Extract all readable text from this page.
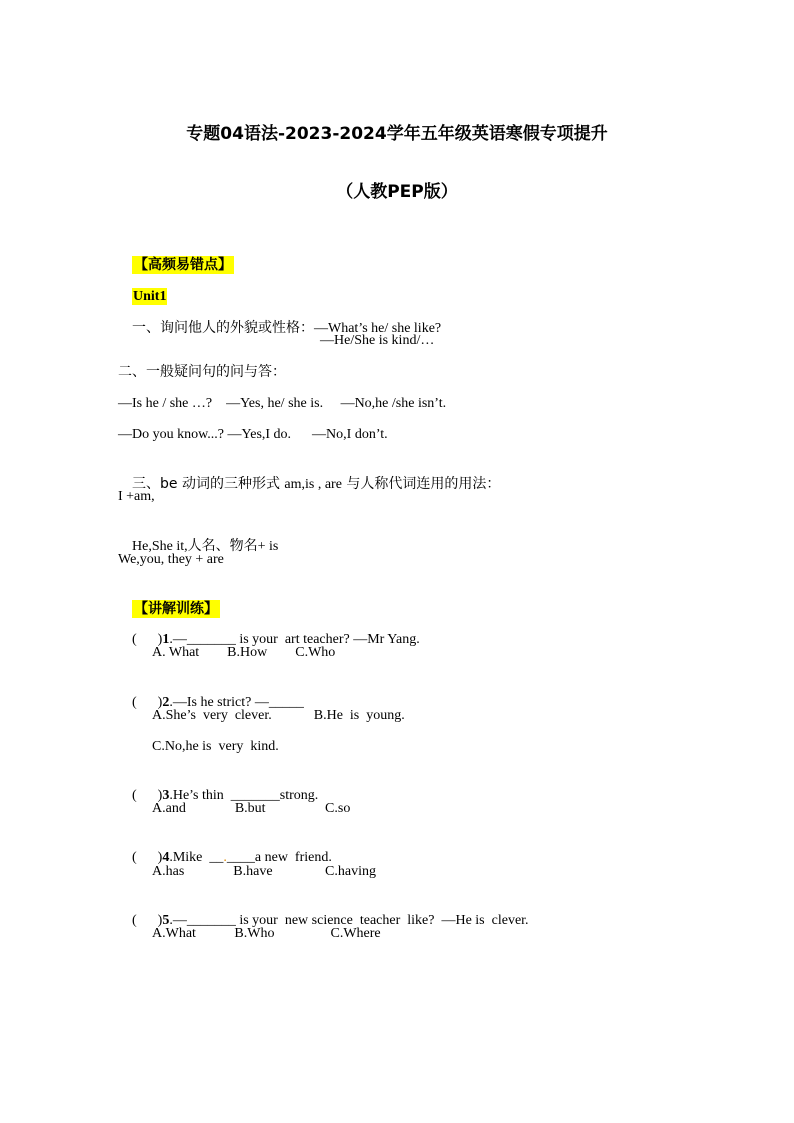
专题04语法-2023-2024学年五年级英语寒假专项提升
（人教PEP版）

【高频易错点】

Unit1

一、询问他人的外貌或性格：—What’s he/ she like?

—He/She is kind/…
二、一般疑问句的问与答：
—Is he / she …?    —Yes, he/ she is.     —No,he /she isn’t.
—Do you know...? —Yes,I do.      —No,I don’t.

三、be 动词的三种形式 am,is , are 与人称代词连用的用法：

I +am,

He,She it,人名、物名+ is

We,you, they + are

【讲解训练】

(      )1.—_______ is your  art teacher? —Mr Yang.

A. What        B.How        C.Who

(      )2.—Is he strict? —_____

A.She’s  very  clever.            B.He  is  young.
C.No,he is  very  kind.

(      )3.He’s thin  _______strong.

A.and              B.but                 C.so

(      )4.Mike  __.____a new  friend.

A.has              B.have               C.having

(      )5.—_______ is your  new science  teacher  like?  —He is  clever.

A.What           B.Who                C.Where
